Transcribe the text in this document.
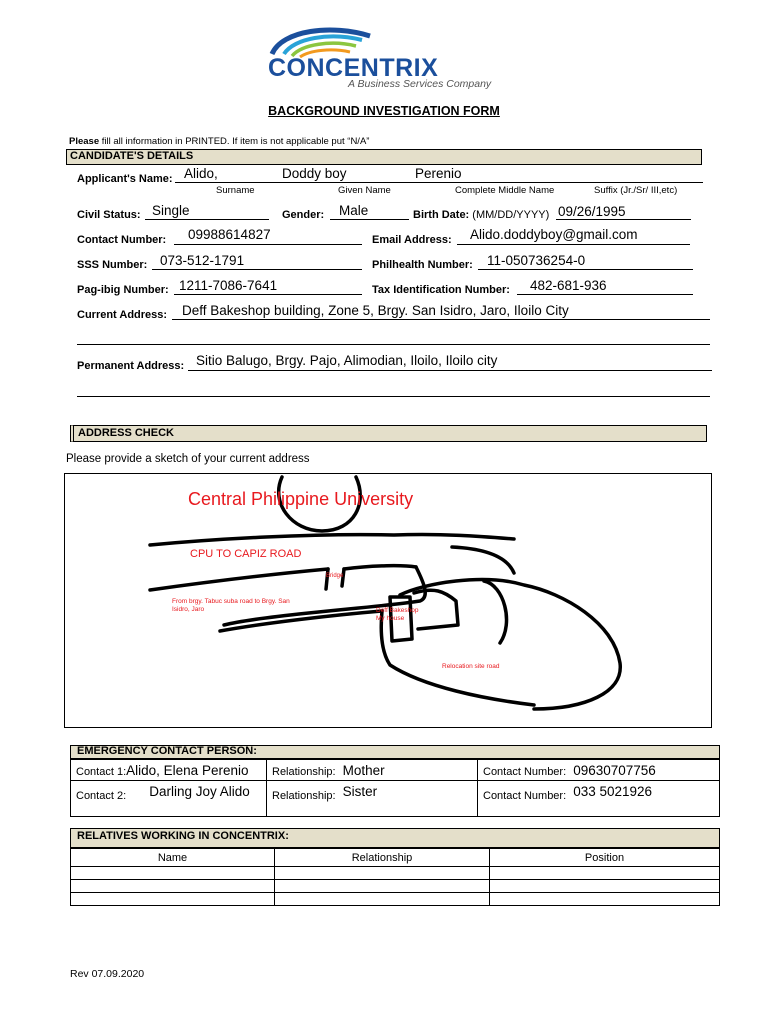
CONCENTRIX
A Business Services Company
BACKGROUND INVESTIGATION FORM
Please fill all information in PRINTED. If item is not applicable put “N/A”
CANDIDATE'S DETAILS
Applicant's Name: Alido,	Doddy boy	Perenio
Surname	Given Name	Complete Middle Name	Suffix (Jr./Sr/ III,etc)
Civil Status: Single	Gender: Male	Birth Date: (MM/DD/YYYY) 09/26/1995
Contact Number: 09988614827	Email Address: Alido.doddyboy@gmail.com
SSS Number: 073-512-1791	Philhealth Number: 11-050736254-0
Pag-ibig Number: 1211-7086-7641	Tax Identification Number: 482-681-936
Current Address: Deff Bakeshop building, Zone 5, Brgy. San Isidro, Jaro, Iloilo City
Permanent Address: Sitio Balugo, Brgy. Pajo, Alimodian, Iloilo, Iloilo city
ADDRESS CHECK
Please provide a sketch of your current address
Central Philippine University
CPU TO CAPIZ ROAD
Bridge
From brgy. Tabuc suba road to Brgy. San
Isidro, Jaro	Deff Bakeshop
My house
Relocation site road
EMERGENCY CONTACT PERSON:
Contact 1:Alido, Elena Perenio	Relationship: Mother	Contact Number: 09630707756
Contact 2: Darling Joy Alido	Relationship: Sister	Contact Number: 033 5021926
RELATIVES WORKING IN CONCENTRIX:
Name	Relationship	Position

Rev 07.09.2020
